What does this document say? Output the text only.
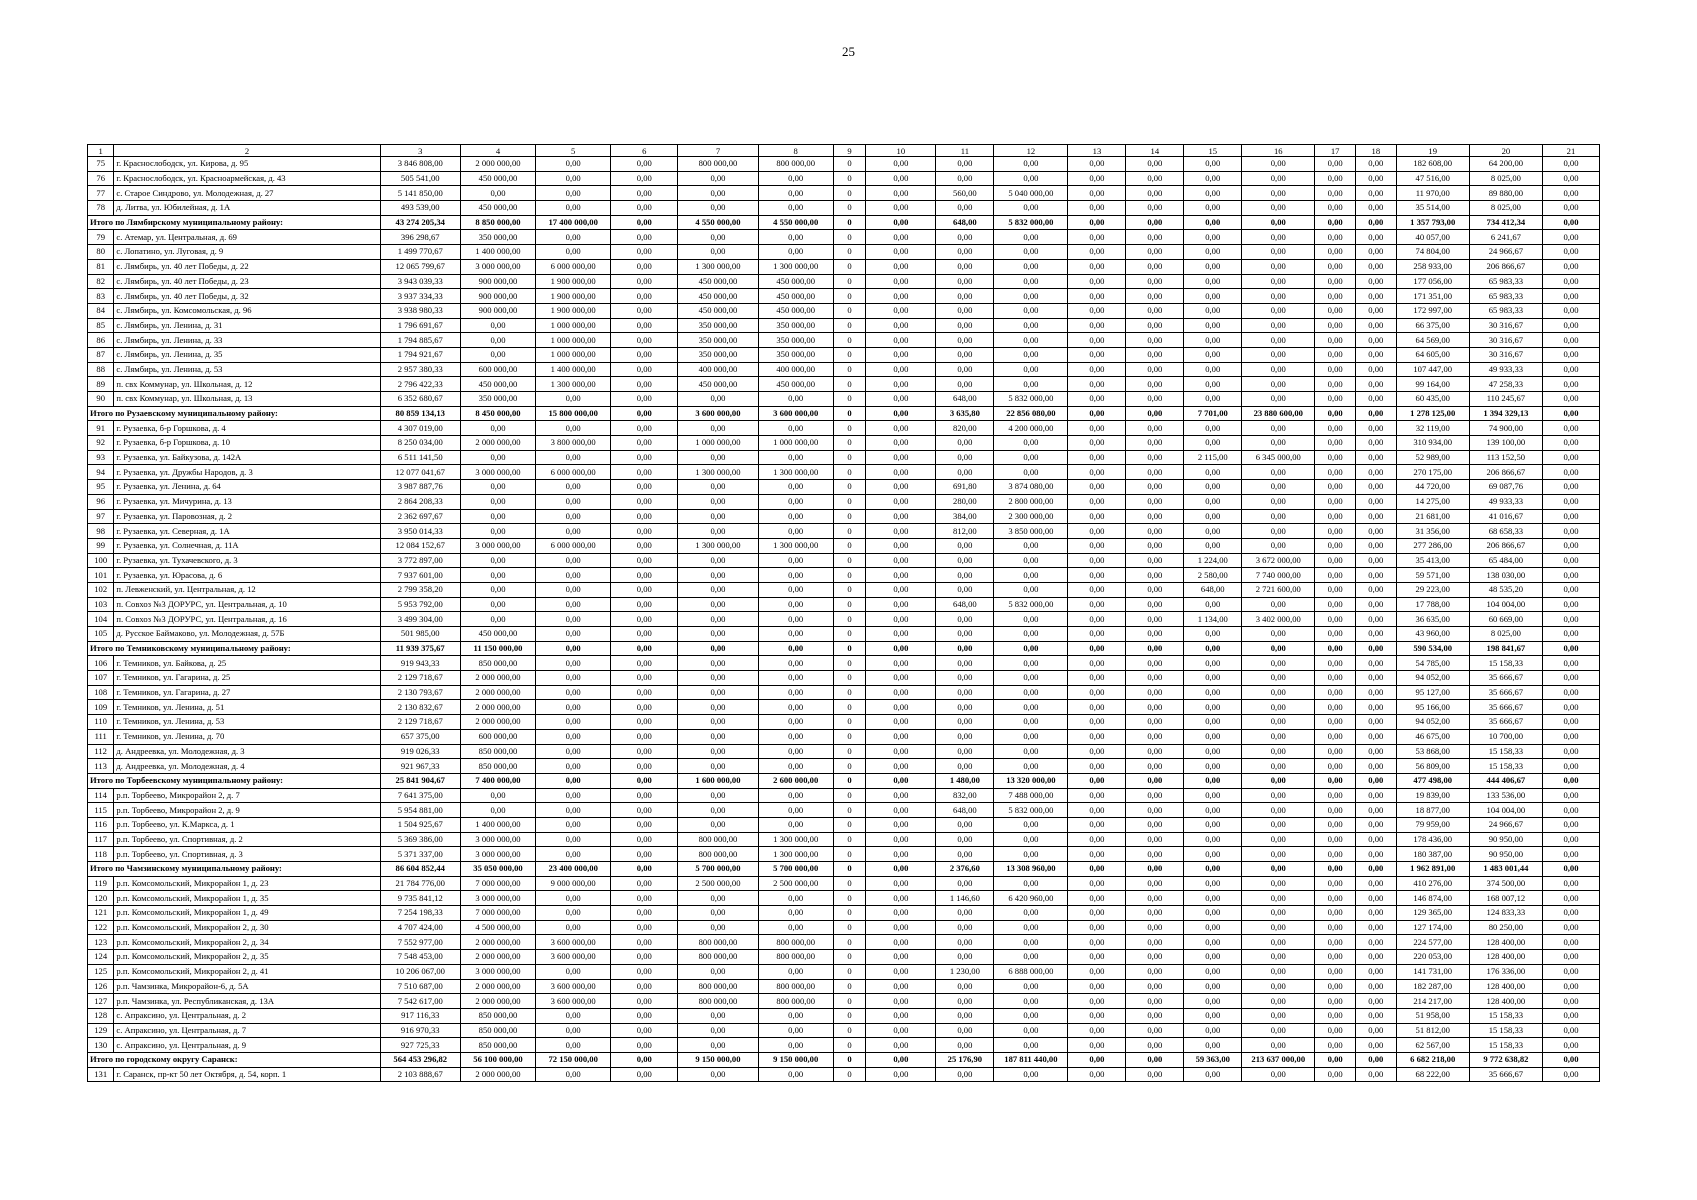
25
1	2	3	4	5	6	7	8	9	10	11	12	13	14	15	16	17	18	19	20	21
75	г. Краснослободск, ул. Кирова, д. 95	3 846 808,00	2 000 000,00	0,00	0,00	800 000,00	800 000,00	0	0,00	0,00	0,00	0,00	0,00	0,00	0,00	0,00	0,00	182 608,00	64 200,00	0,00
76	г. Краснослободск, ул. Красноармейская, д. 43	505 541,00	450 000,00	0,00	0,00	0,00	0,00	0	0,00	0,00	0,00	0,00	0,00	0,00	0,00	0,00	0,00	47 516,00	8 025,00	0,00
77	с. Старое Синдрово, ул. Молодежная, д. 27	5 141 850,00	0,00	0,00	0,00	0,00	0,00	0	0,00	560,00	5 040 000,00	0,00	0,00	0,00	0,00	0,00	0,00	11 970,00	89 880,00	0,00
78	д. Литва, ул. Юбилейная, д. 1А	493 539,00	450 000,00	0,00	0,00	0,00	0,00	0	0,00	0,00	0,00	0,00	0,00	0,00	0,00	0,00	0,00	35 514,00	8 025,00	0,00
Итого по Лямбирскому муниципальному району:		43 274 205,34	8 850 000,00	17 400 000,00	0,00	4 550 000,00	4 550 000,00	0	0,00	648,00	5 832 000,00	0,00	0,00	0,00	0,00	0,00	0,00	1 357 793,00	734 412,34	0,00
79	с. Атемар, ул. Центральная, д. 69	396 298,67	350 000,00	0,00	0,00	0,00	0,00	0	0,00	0,00	0,00	0,00	0,00	0,00	0,00	0,00	0,00	40 057,00	6 241,67	0,00
80	с. Лопатино, ул. Луговая, д. 9	1 499 770,67	1 400 000,00	0,00	0,00	0,00	0,00	0	0,00	0,00	0,00	0,00	0,00	0,00	0,00	0,00	0,00	74 804,00	24 966,67	0,00
81	с. Лямбирь, ул. 40 лет Победы, д. 22	12 065 799,67	3 000 000,00	6 000 000,00	0,00	1 300 000,00	1 300 000,00	0	0,00	0,00	0,00	0,00	0,00	0,00	0,00	0,00	0,00	258 933,00	206 866,67	0,00
82	с. Лямбирь, ул. 40 лет Победы, д. 23	3 943 039,33	900 000,00	1 900 000,00	0,00	450 000,00	450 000,00	0	0,00	0,00	0,00	0,00	0,00	0,00	0,00	0,00	0,00	177 056,00	65 983,33	0,00
83	с. Лямбирь, ул. 40 лет Победы, д. 32	3 937 334,33	900 000,00	1 900 000,00	0,00	450 000,00	450 000,00	0	0,00	0,00	0,00	0,00	0,00	0,00	0,00	0,00	0,00	171 351,00	65 983,33	0,00
84	с. Лямбирь, ул. Комсомольская, д. 96	3 938 980,33	900 000,00	1 900 000,00	0,00	450 000,00	450 000,00	0	0,00	0,00	0,00	0,00	0,00	0,00	0,00	0,00	0,00	172 997,00	65 983,33	0,00
85	с. Лямбирь, ул. Ленина, д. 31	1 796 691,67	0,00	1 000 000,00	0,00	350 000,00	350 000,00	0	0,00	0,00	0,00	0,00	0,00	0,00	0,00	0,00	0,00	66 375,00	30 316,67	0,00
86	с. Лямбирь, ул. Ленина, д. 33	1 794 885,67	0,00	1 000 000,00	0,00	350 000,00	350 000,00	0	0,00	0,00	0,00	0,00	0,00	0,00	0,00	0,00	0,00	64 569,00	30 316,67	0,00
87	с. Лямбирь, ул. Ленина, д. 35	1 794 921,67	0,00	1 000 000,00	0,00	350 000,00	350 000,00	0	0,00	0,00	0,00	0,00	0,00	0,00	0,00	0,00	0,00	64 605,00	30 316,67	0,00
88	с. Лямбирь, ул. Ленина, д. 53	2 957 380,33	600 000,00	1 400 000,00	0,00	400 000,00	400 000,00	0	0,00	0,00	0,00	0,00	0,00	0,00	0,00	0,00	0,00	107 447,00	49 933,33	0,00
89	п. свх Коммунар, ул. Школьная, д. 12	2 796 422,33	450 000,00	1 300 000,00	0,00	450 000,00	450 000,00	0	0,00	0,00	0,00	0,00	0,00	0,00	0,00	0,00	0,00	99 164,00	47 258,33	0,00
90	п. свх Коммунар, ул. Школьная, д. 13	6 352 680,67	350 000,00	0,00	0,00	0,00	0,00	0	0,00	648,00	5 832 000,00	0,00	0,00	0,00	0,00	0,00	0,00	60 435,00	110 245,67	0,00
Итого по Рузаевскому муниципальному району:		80 859 134,13	8 450 000,00	15 800 000,00	0,00	3 600 000,00	3 600 000,00	0	0,00	3 635,80	22 856 080,00	0,00	0,00	7 701,00	23 880 600,00	0,00	0,00	1 278 125,00	1 394 329,13	0,00
91	г. Рузаевка, б-р Горшкова, д. 4	4 307 019,00	0,00	0,00	0,00	0,00	0,00	0	0,00	820,00	4 200 000,00	0,00	0,00	0,00	0,00	0,00	0,00	32 119,00	74 900,00	0,00
92	г. Рузаевка, б-р Горшкова, д. 10	8 250 034,00	2 000 000,00	3 800 000,00	0,00	1 000 000,00	1 000 000,00	0	0,00	0,00	0,00	0,00	0,00	0,00	0,00	0,00	0,00	310 934,00	139 100,00	0,00
93	г. Рузаевка, ул. Байкузова, д. 142А	6 511 141,50	0,00	0,00	0,00	0,00	0,00	0	0,00	0,00	0,00	0,00	0,00	2 115,00	6 345 000,00	0,00	0,00	52 989,00	113 152,50	0,00
94	г. Рузаевка, ул. Дружбы Народов, д. 3	12 077 041,67	3 000 000,00	6 000 000,00	0,00	1 300 000,00	1 300 000,00	0	0,00	0,00	0,00	0,00	0,00	0,00	0,00	0,00	0,00	270 175,00	206 866,67	0,00
95	г. Рузаевка, ул. Ленина, д. 64	3 987 887,76	0,00	0,00	0,00	0,00	0,00	0	0,00	691,80	3 874 080,00	0,00	0,00	0,00	0,00	0,00	0,00	44 720,00	69 087,76	0,00
96	г. Рузаевка, ул. Мичурина, д. 13	2 864 208,33	0,00	0,00	0,00	0,00	0,00	0	0,00	280,00	2 800 000,00	0,00	0,00	0,00	0,00	0,00	0,00	14 275,00	49 933,33	0,00
97	г. Рузаевка, ул. Паровозная, д. 2	2 362 697,67	0,00	0,00	0,00	0,00	0,00	0	0,00	384,00	2 300 000,00	0,00	0,00	0,00	0,00	0,00	0,00	21 681,00	41 016,67	0,00
98	г. Рузаевка, ул. Северная, д. 1А	3 950 014,33	0,00	0,00	0,00	0,00	0,00	0	0,00	812,00	3 850 000,00	0,00	0,00	0,00	0,00	0,00	0,00	31 356,00	68 658,33	0,00
99	г. Рузаевка, ул. Солнечная, д. 11А	12 084 152,67	3 000 000,00	6 000 000,00	0,00	1 300 000,00	1 300 000,00	0	0,00	0,00	0,00	0,00	0,00	0,00	0,00	0,00	0,00	277 286,00	206 866,67	0,00
100	г. Рузаевка, ул. Тухачевского, д. 3	3 772 897,00	0,00	0,00	0,00	0,00	0,00	0	0,00	0,00	0,00	0,00	0,00	1 224,00	3 672 000,00	0,00	0,00	35 413,00	65 484,00	0,00
101	г. Рузаевка, ул. Юрасова, д. 6	7 937 601,00	0,00	0,00	0,00	0,00	0,00	0	0,00	0,00	0,00	0,00	0,00	2 580,00	7 740 000,00	0,00	0,00	59 571,00	138 030,00	0,00
102	п. Левженский, ул. Центральная, д. 12	2 799 358,20	0,00	0,00	0,00	0,00	0,00	0	0,00	0,00	0,00	0,00	0,00	648,00	2 721 600,00	0,00	0,00	29 223,00	48 535,20	0,00
103	п. Совхоз №3 ДОРУРС, ул. Центральная, д. 10	5 953 792,00	0,00	0,00	0,00	0,00	0,00	0	0,00	648,00	5 832 000,00	0,00	0,00	0,00	0,00	0,00	0,00	17 788,00	104 004,00	0,00
104	п. Совхоз №3 ДОРУРС, ул. Центральная, д. 16	3 499 304,00	0,00	0,00	0,00	0,00	0,00	0	0,00	0,00	0,00	0,00	0,00	1 134,00	3 402 000,00	0,00	0,00	36 635,00	60 669,00	0,00
105	д. Русское Баймаково, ул. Молодежная, д. 57Б	501 985,00	450 000,00	0,00	0,00	0,00	0,00	0	0,00	0,00	0,00	0,00	0,00	0,00	0,00	0,00	0,00	43 960,00	8 025,00	0,00
Итого по Темниковскому муниципальному району:		11 939 375,67	11 150 000,00	0,00	0,00	0,00	0,00	0	0,00	0,00	0,00	0,00	0,00	0,00	0,00	0,00	0,00	590 534,00	198 841,67	0,00
106	г. Темников, ул. Байкова, д. 25	919 943,33	850 000,00	0,00	0,00	0,00	0,00	0	0,00	0,00	0,00	0,00	0,00	0,00	0,00	0,00	0,00	54 785,00	15 158,33	0,00
107	г. Темников, ул. Гагарина, д. 25	2 129 718,67	2 000 000,00	0,00	0,00	0,00	0,00	0	0,00	0,00	0,00	0,00	0,00	0,00	0,00	0,00	0,00	94 052,00	35 666,67	0,00
108	г. Темников, ул. Гагарина, д. 27	2 130 793,67	2 000 000,00	0,00	0,00	0,00	0,00	0	0,00	0,00	0,00	0,00	0,00	0,00	0,00	0,00	0,00	95 127,00	35 666,67	0,00
109	г. Темников, ул. Ленина, д. 51	2 130 832,67	2 000 000,00	0,00	0,00	0,00	0,00	0	0,00	0,00	0,00	0,00	0,00	0,00	0,00	0,00	0,00	95 166,00	35 666,67	0,00
110	г. Темников, ул. Ленина, д. 53	2 129 718,67	2 000 000,00	0,00	0,00	0,00	0,00	0	0,00	0,00	0,00	0,00	0,00	0,00	0,00	0,00	0,00	94 052,00	35 666,67	0,00
111	г. Темников, ул. Ленина, д. 70	657 375,00	600 000,00	0,00	0,00	0,00	0,00	0	0,00	0,00	0,00	0,00	0,00	0,00	0,00	0,00	0,00	46 675,00	10 700,00	0,00
112	д. Андреевка, ул. Молодежная, д. 3	919 026,33	850 000,00	0,00	0,00	0,00	0,00	0	0,00	0,00	0,00	0,00	0,00	0,00	0,00	0,00	0,00	53 868,00	15 158,33	0,00
113	д. Андреевка, ул. Молодежная, д. 4	921 967,33	850 000,00	0,00	0,00	0,00	0,00	0	0,00	0,00	0,00	0,00	0,00	0,00	0,00	0,00	0,00	56 809,00	15 158,33	0,00
Итого по Торбеевскому муниципальному району:		25 841 904,67	7 400 000,00	0,00	0,00	1 600 000,00	2 600 000,00	0	0,00	1 480,00	13 320 000,00	0,00	0,00	0,00	0,00	0,00	0,00	477 498,00	444 406,67	0,00
114	р.п. Торбеево, Микрорайон 2, д. 7	7 641 375,00	0,00	0,00	0,00	0,00	0,00	0	0,00	832,00	7 488 000,00	0,00	0,00	0,00	0,00	0,00	0,00	19 839,00	133 536,00	0,00
115	р.п. Торбеево, Микрорайон 2, д. 9	5 954 881,00	0,00	0,00	0,00	0,00	0,00	0	0,00	648,00	5 832 000,00	0,00	0,00	0,00	0,00	0,00	0,00	18 877,00	104 004,00	0,00
116	р.п. Торбеево, ул. К.Маркса, д. 1	1 504 925,67	1 400 000,00	0,00	0,00	0,00	0,00	0	0,00	0,00	0,00	0,00	0,00	0,00	0,00	0,00	0,00	79 959,00	24 966,67	0,00
117	р.п. Торбеево, ул. Спортивная, д. 2	5 369 386,00	3 000 000,00	0,00	0,00	800 000,00	1 300 000,00	0	0,00	0,00	0,00	0,00	0,00	0,00	0,00	0,00	0,00	178 436,00	90 950,00	0,00
118	р.п. Торбеево, ул. Спортивная, д. 3	5 371 337,00	3 000 000,00	0,00	0,00	800 000,00	1 300 000,00	0	0,00	0,00	0,00	0,00	0,00	0,00	0,00	0,00	0,00	180 387,00	90 950,00	0,00
Итого по Чамзинскому муниципальному району:		86 604 852,44	35 050 000,00	23 400 000,00	0,00	5 700 000,00	5 700 000,00	0	0,00	2 376,60	13 308 960,00	0,00	0,00	0,00	0,00	0,00	0,00	1 962 891,00	1 483 001,44	0,00
119	р.п. Комсомольский, Микрорайон 1, д. 23	21 784 776,00	7 000 000,00	9 000 000,00	0,00	2 500 000,00	2 500 000,00	0	0,00	0,00	0,00	0,00	0,00	0,00	0,00	0,00	0,00	410 276,00	374 500,00	0,00
120	р.п. Комсомольский, Микрорайон 1, д. 35	9 735 841,12	3 000 000,00	0,00	0,00	0,00	0,00	0	0,00	1 146,60	6 420 960,00	0,00	0,00	0,00	0,00	0,00	0,00	146 874,00	168 007,12	0,00
121	р.п. Комсомольский, Микрорайон 1, д. 49	7 254 198,33	7 000 000,00	0,00	0,00	0,00	0,00	0	0,00	0,00	0,00	0,00	0,00	0,00	0,00	0,00	0,00	129 365,00	124 833,33	0,00
122	р.п. Комсомольский, Микрорайон 2, д. 30	4 707 424,00	4 500 000,00	0,00	0,00	0,00	0,00	0	0,00	0,00	0,00	0,00	0,00	0,00	0,00	0,00	0,00	127 174,00	80 250,00	0,00
123	р.п. Комсомольский, Микрорайон 2, д. 34	7 552 977,00	2 000 000,00	3 600 000,00	0,00	800 000,00	800 000,00	0	0,00	0,00	0,00	0,00	0,00	0,00	0,00	0,00	0,00	224 577,00	128 400,00	0,00
124	р.п. Комсомольский, Микрорайон 2, д. 35	7 548 453,00	2 000 000,00	3 600 000,00	0,00	800 000,00	800 000,00	0	0,00	0,00	0,00	0,00	0,00	0,00	0,00	0,00	0,00	220 053,00	128 400,00	0,00
125	р.п. Комсомольский, Микрорайон 2, д. 41	10 206 067,00	3 000 000,00	0,00	0,00	0,00	0,00	0	0,00	1 230,00	6 888 000,00	0,00	0,00	0,00	0,00	0,00	0,00	141 731,00	176 336,00	0,00
126	р.п. Чамзинка, Микрорайон-6, д. 5А	7 510 687,00	2 000 000,00	3 600 000,00	0,00	800 000,00	800 000,00	0	0,00	0,00	0,00	0,00	0,00	0,00	0,00	0,00	0,00	182 287,00	128 400,00	0,00
127	р.п. Чамзинка, ул. Республиканская, д. 13А	7 542 617,00	2 000 000,00	3 600 000,00	0,00	800 000,00	800 000,00	0	0,00	0,00	0,00	0,00	0,00	0,00	0,00	0,00	0,00	214 217,00	128 400,00	0,00
128	с. Апраксино, ул. Центральная, д. 2	917 116,33	850 000,00	0,00	0,00	0,00	0,00	0	0,00	0,00	0,00	0,00	0,00	0,00	0,00	0,00	0,00	51 958,00	15 158,33	0,00
129	с. Апраксино, ул. Центральная, д. 7	916 970,33	850 000,00	0,00	0,00	0,00	0,00	0	0,00	0,00	0,00	0,00	0,00	0,00	0,00	0,00	0,00	51 812,00	15 158,33	0,00
130	с. Апраксино, ул. Центральная, д. 9	927 725,33	850 000,00	0,00	0,00	0,00	0,00	0	0,00	0,00	0,00	0,00	0,00	0,00	0,00	0,00	0,00	62 567,00	15 158,33	0,00
Итого по городскому округу Саранск:		564 453 296,82	56 100 000,00	72 150 000,00	0,00	9 150 000,00	9 150 000,00	0	0,00	25 176,90	187 811 440,00	0,00	0,00	59 363,00	213 637 000,00	0,00	0,00	6 682 218,00	9 772 638,82	0,00
131	г. Саранск, пр-кт 50 лет Октября, д. 54, корп. 1	2 103 888,67	2 000 000,00	0,00	0,00	0,00	0,00	0	0,00	0,00	0,00	0,00	0,00	0,00	0,00	0,00	0,00	68 222,00	35 666,67	0,00
